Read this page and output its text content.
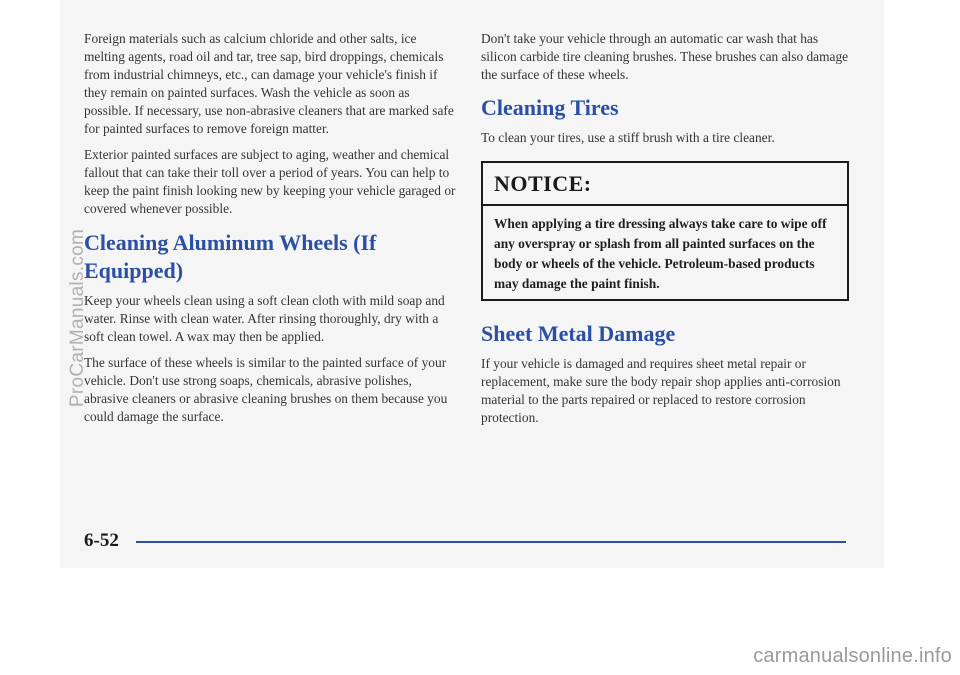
Foreign materials such as calcium chloride and other salts, ice melting agents, road oil and tar, tree sap, bird droppings, chemicals from industrial chimneys, etc., can damage your vehicle's finish if they remain on painted surfaces. Wash the vehicle as soon as possible. If necessary, use non-abrasive cleaners that are marked safe for painted surfaces to remove foreign matter.

Exterior painted surfaces are subject to aging, weather and chemical fallout that can take their toll over a period of years. You can help to keep the paint finish looking new by keeping your vehicle garaged or covered whenever possible.

Cleaning Aluminum Wheels (If Equipped)

Keep your wheels clean using a soft clean cloth with mild soap and water. Rinse with clean water. After rinsing thoroughly, dry with a soft clean towel. A wax may then be applied.

The surface of these wheels is similar to the painted surface of your vehicle. Don't use strong soaps, chemicals, abrasive polishes, abrasive cleaners or abrasive cleaning brushes on them because you could damage the surface.

Don't take your vehicle through an automatic car wash that has silicon carbide tire cleaning brushes. These brushes can also damage the surface of these wheels.

Cleaning Tires

To clean your tires, use a stiff brush with a tire cleaner.

NOTICE:
When applying a tire dressing always take care to wipe off any overspray or splash from all painted surfaces on the body or wheels of the vehicle. Petroleum-based products may damage the paint finish.
Sheet Metal Damage

If your vehicle is damaged and requires sheet metal repair or replacement, make sure the body repair shop applies anti-corrosion material to the parts repaired or replaced to restore corrosion protection.

6-52
ProCarManuals.com
carmanualsonline.info
